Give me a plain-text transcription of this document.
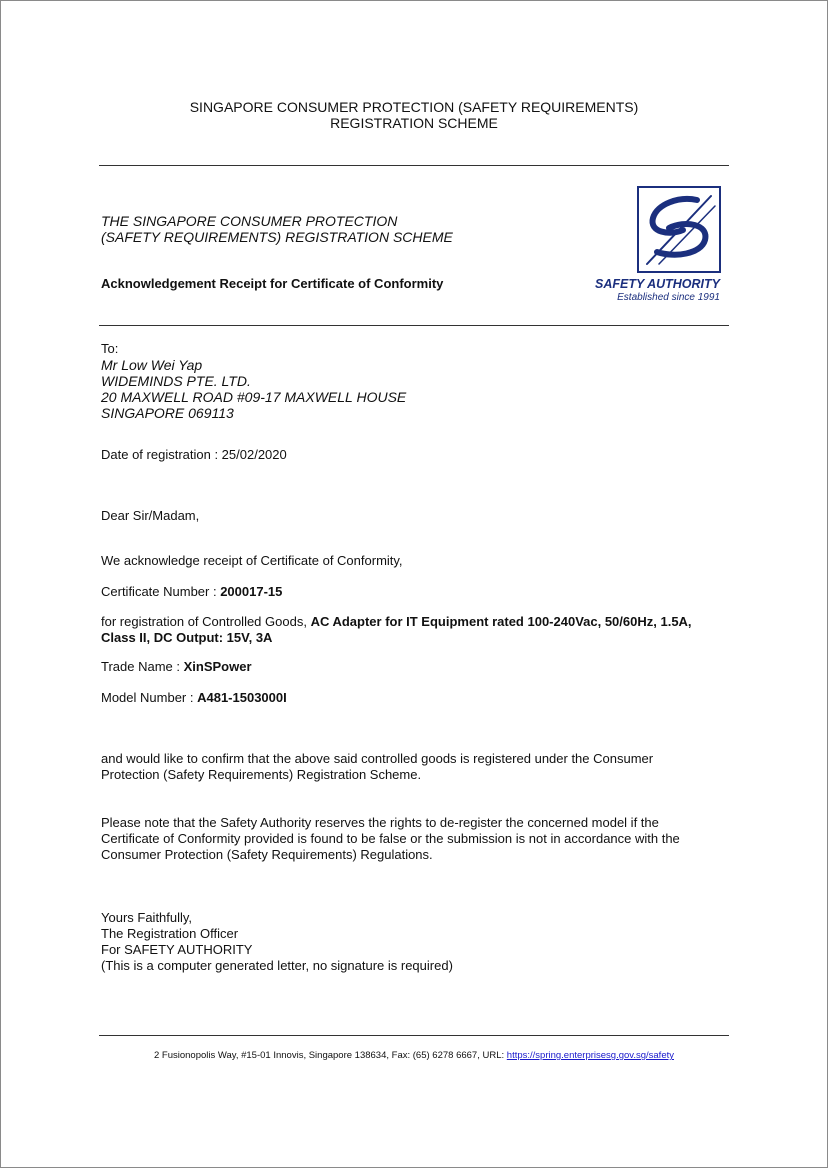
SINGAPORE CONSUMER PROTECTION (SAFETY REQUIREMENTS)
REGISTRATION SCHEME
THE SINGAPORE CONSUMER PROTECTION
(SAFETY REQUIREMENTS) REGISTRATION SCHEME
Acknowledgement Receipt for Certificate of Conformity	SAFETY AUTHORITY
Established since 1991
To:
Mr Low Wei Yap
WIDEMINDS PTE. LTD.
20 MAXWELL ROAD #09-17 MAXWELL HOUSE
SINGAPORE 069113
Date of registration : 25/02/2020
Dear Sir/Madam,
We acknowledge receipt of Certificate of Conformity,
Certificate Number : 200017-15
for registration of Controlled Goods, AC Adapter for IT Equipment rated 100-240Vac, 50/60Hz, 1.5A,
Class II, DC Output: 15V, 3A
Trade Name : XinSPower
Model Number : A481-1503000I
and would like to confirm that the above said controlled goods is registered under the Consumer
Protection (Safety Requirements) Registration Scheme.
Please note that the Safety Authority reserves the rights to de-register the concerned model if the
Certificate of Conformity provided is found to be false or the submission is not in accordance with the
Consumer Protection (Safety Requirements) Regulations.
Yours Faithfully,
The Registration Officer
For SAFETY AUTHORITY
(This is a computer generated letter, no signature is required)
2 Fusionopolis Way, #15-01 Innovis, Singapore 138634, Fax: (65) 6278 6667, URL: https://spring.enterprisesg.gov.sg/safety
